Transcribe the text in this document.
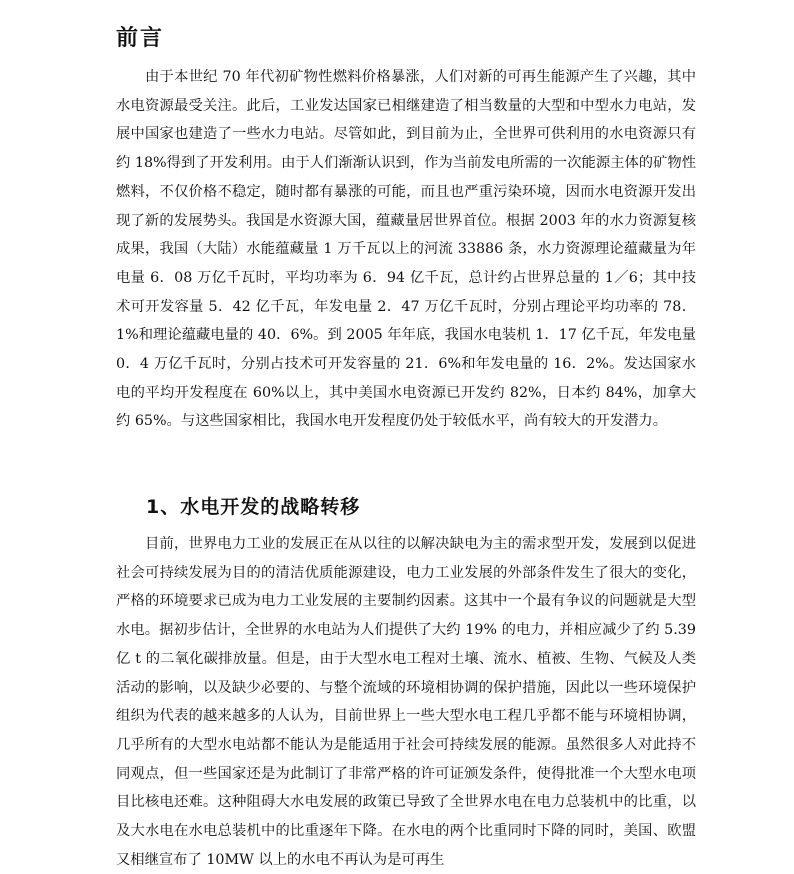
前言

由于本世纪 70 年代初矿物性燃料价格暴涨，人们对新的可再生能源产生了兴趣，其中水电资源最受关注。此后，工业发达国家已相继建造了相当数量的大型和中型水力电站，发展中国家也建造了一些水力电站。尽管如此，到目前为止，全世界可供利用的水电资源只有约 18%得到了开发利用。由于人们渐渐认识到，作为当前发电所需的一次能源主体的矿物性燃料，不仅价格不稳定，随时都有暴涨的可能，而且也严重污染环境，因而水电资源开发出现了新的发展势头。我国是水资源大国，蕴藏量居世界首位。根据 2003 年的水力资源复核成果，我国（大陆）水能蕴藏量 1 万千瓦以上的河流 33886 条，水力资源理论蕴藏量为年电量 6．08 万亿千瓦时，平均功率为 6．94 亿千瓦，总计约占世界总量的 1／6；其中技术可开发容量 5．42 亿千瓦，年发电量 2．47 万亿千瓦时，分别占理论平均功率的 78．1%和理论蕴藏电量的 40．6%。到 2005 年年底，我国水电装机 1．17 亿千瓦，年发电量 0．4 万亿千瓦时，分别占技术可开发容量的 21．6%和年发电量的 16．2%。发达国家水电的平均开发程度在 60%以上，其中美国水电资源已开发约 82%，日本约 84%，加拿大约 65%。与这些国家相比，我国水电开发程度仍处于较低水平，尚有较大的开发潜力。

1、水电开发的战略转移

目前，世界电力工业的发展正在从以往的以解决缺电为主的需求型开发，发展到以促进社会可持续发展为目的的清洁优质能源建设，电力工业发展的外部条件发生了很大的变化，严格的环境要求已成为电力工业发展的主要制约因素。这其中一个最有争议的问题就是大型水电。据初步估计，全世界的水电站为人们提供了大约 19% 的电力，并相应减少了约 5.39 亿 t 的二氧化碳排放量。但是，由于大型水电工程对土壤、流水、植被、生物、气候及人类活动的影响，以及缺少必要的、与整个流域的环境相协调的保护措施，因此以一些环境保护组织为代表的越来越多的人认为，目前世界上一些大型水电工程几乎都不能与环境相协调，几乎所有的大型水电站都不能认为是能适用于社会可持续发展的能源。虽然很多人对此持不同观点，但一些国家还是为此制订了非常严格的许可证颁发条件，使得批准一个大型水电项目比核电还难。这种阻碍大水电发展的政策已导致了全世界水电在电力总装机中的比重，以及大水电在水电总装机中的比重逐年下降。在水电的两个比重同时下降的同时，美国、欧盟又相继宣布了 10MW 以上的水电不再认为是可再生
